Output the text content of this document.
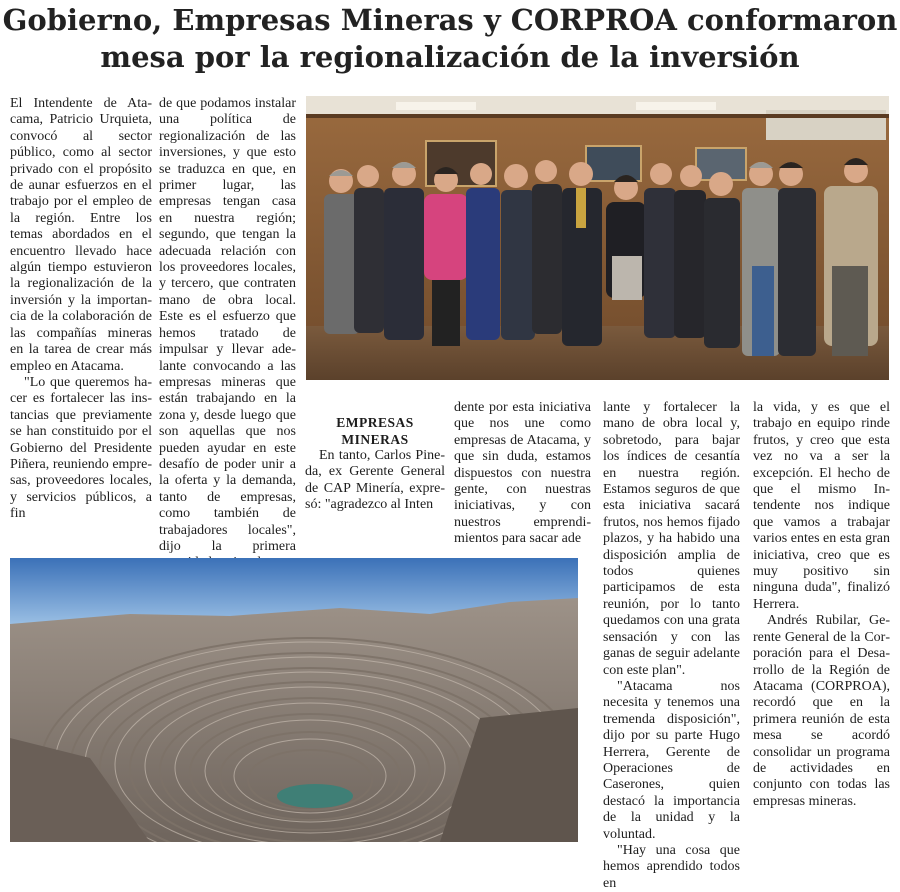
Gobierno, Empresas Mineras y CORPROA conformaron
mesa por la regionalización de la inversión

El Intendente de Atacama, Patricio Urquieta, convocó al sector público, como al sector privado con el propósito de aunar esfuerzos en el trabajo por el empleo de la región. Entre los temas abordados en el encuentro llevado hace algún tiempo estuvieron la regionalización de la inversión y la importancia de la colaboración de las compañías mineras en la tarea de crear más empleo en Atacama.

"Lo que queremos hacer es fortalecer las instancias que previamente se han constituido por el Gobierno del Presidente Piñera, reuniendo empresas, proveedores locales, y servicios públicos, a fin

de que podamos instalar una política de regionalización de las inversiones, y que esto se traduzca en que, en primer lugar, las empresas tengan casa en nuestra región; segundo, que tengan la adecuada relación con los proveedores locales, y tercero, que contraten mano de obra local. Este es el esfuerzo que hemos tratado de impulsar y llevar adelante convocando a las empresas mineras que están trabajando en la zona y, desde luego que son aquellas que nos pueden ayudar en este desafío de poder unir a la oferta y la demanda, tanto de empresas, como también de trabajadores locales", dijo la primera

EMPRESAS MINERAS

En tanto, Carlos Pineda, ex Gerente General de CAP Minería, expresó: "agradezco al Inten

dente por esta iniciativa que nos une como empresas de Atacama, y que sin duda, estamos dispuestos con nuestra gente, con nuestras iniciativas, y con nuestros emprendimientos para sacar ade

lante y fortalecer la mano de obra local y, sobretodo, para bajar los índices de cesantía en nuestra región. Estamos seguros de que esta iniciativa sacará frutos, nos hemos fijado plazos, y ha habido una disposición amplia de todos quienes participamos de esta reunión, por lo tanto quedamos con una grata sensación y con las ganas de seguir adelante con este plan".

"Atacama nos necesita y tenemos una tremenda disposición", dijo por su parte Hugo Herrera, Gerente de Operaciones de Caserones, quien destacó la importancia de la unidad y la voluntad.

"Hay una cosa que hemos aprendido todos en

la vida, y es que el trabajo en equipo rinde frutos, y creo que esta vez no va a ser la excepción. El hecho de que el mismo Intendente nos indique que vamos a trabajar varios entes en esta gran iniciativa, creo que es muy positivo sin ninguna duda", finalizó Herrera.

Andrés Rubilar, Gerente General de la Corporación para el Desarrollo de la Región de Atacama (CORPROA), recordó que en la primera reunión de esta mesa se acordó consolidar un programa de actividades en conjunto con todas las empresas mineras.
